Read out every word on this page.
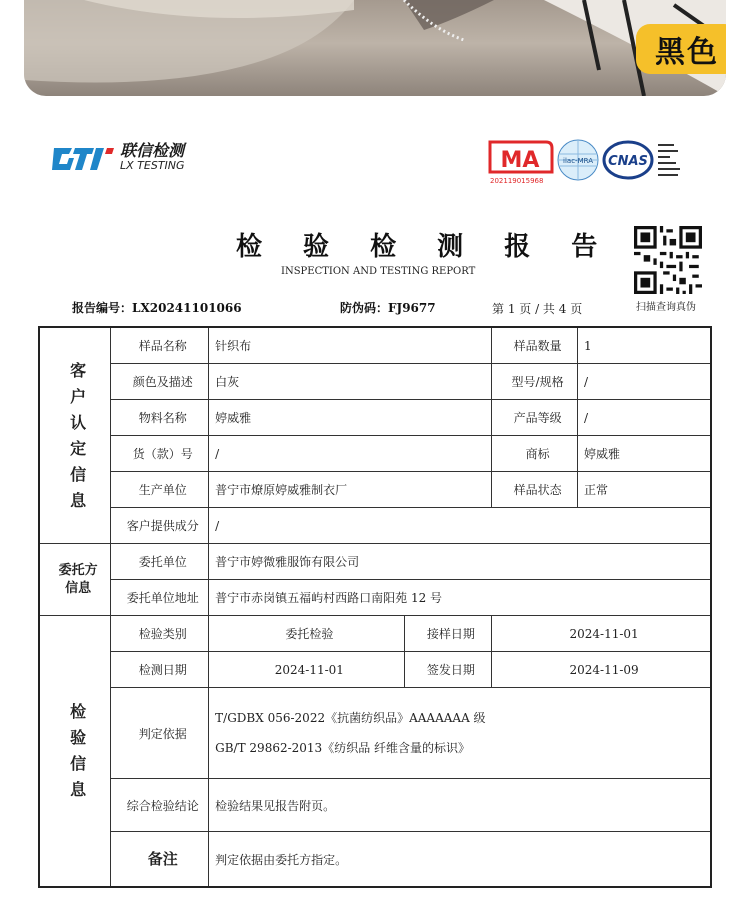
黑色
联信检测
LX TESTING	MA
202119015968
ilac-MRA CNAS
检 验 检 测 报 告
INSPECTION AND TESTING REPORT
扫描查询真伪
报告编号：LX20241101066	防伪码：FJ9677	第 1 页 / 共 4 页
客户认定信息	样品名称	针织布		样品数量	1
	颜色及描述	白灰		型号/规格	/
	物料名称	婷威雅		产品等级	/
	货（款）号	/		商标	婷威雅
	生产单位	普宁市燎原婷威雅制衣厂		样品状态	正常
	客户提供成分	/			

委托方信息	委托单位	普宁市婷微雅服饰有限公司			
	委托单位地址	普宁市赤岗镇五福屿村西路口南阳苑 12 号			

检验信息	检验类别	委托检验	接样日期	2024-11-01	
	检测日期	2024-11-01	签发日期	2024-11-09	
	判定依据	T/GDBX 056-2022《抗菌纺织品》AAAAAAA 级
GB/T 29862-2013《纺织品 纤维含量的标识》			

	综合检验结论	检验结果见报告附页。			
	备注	判定依据由委托方指定。			
